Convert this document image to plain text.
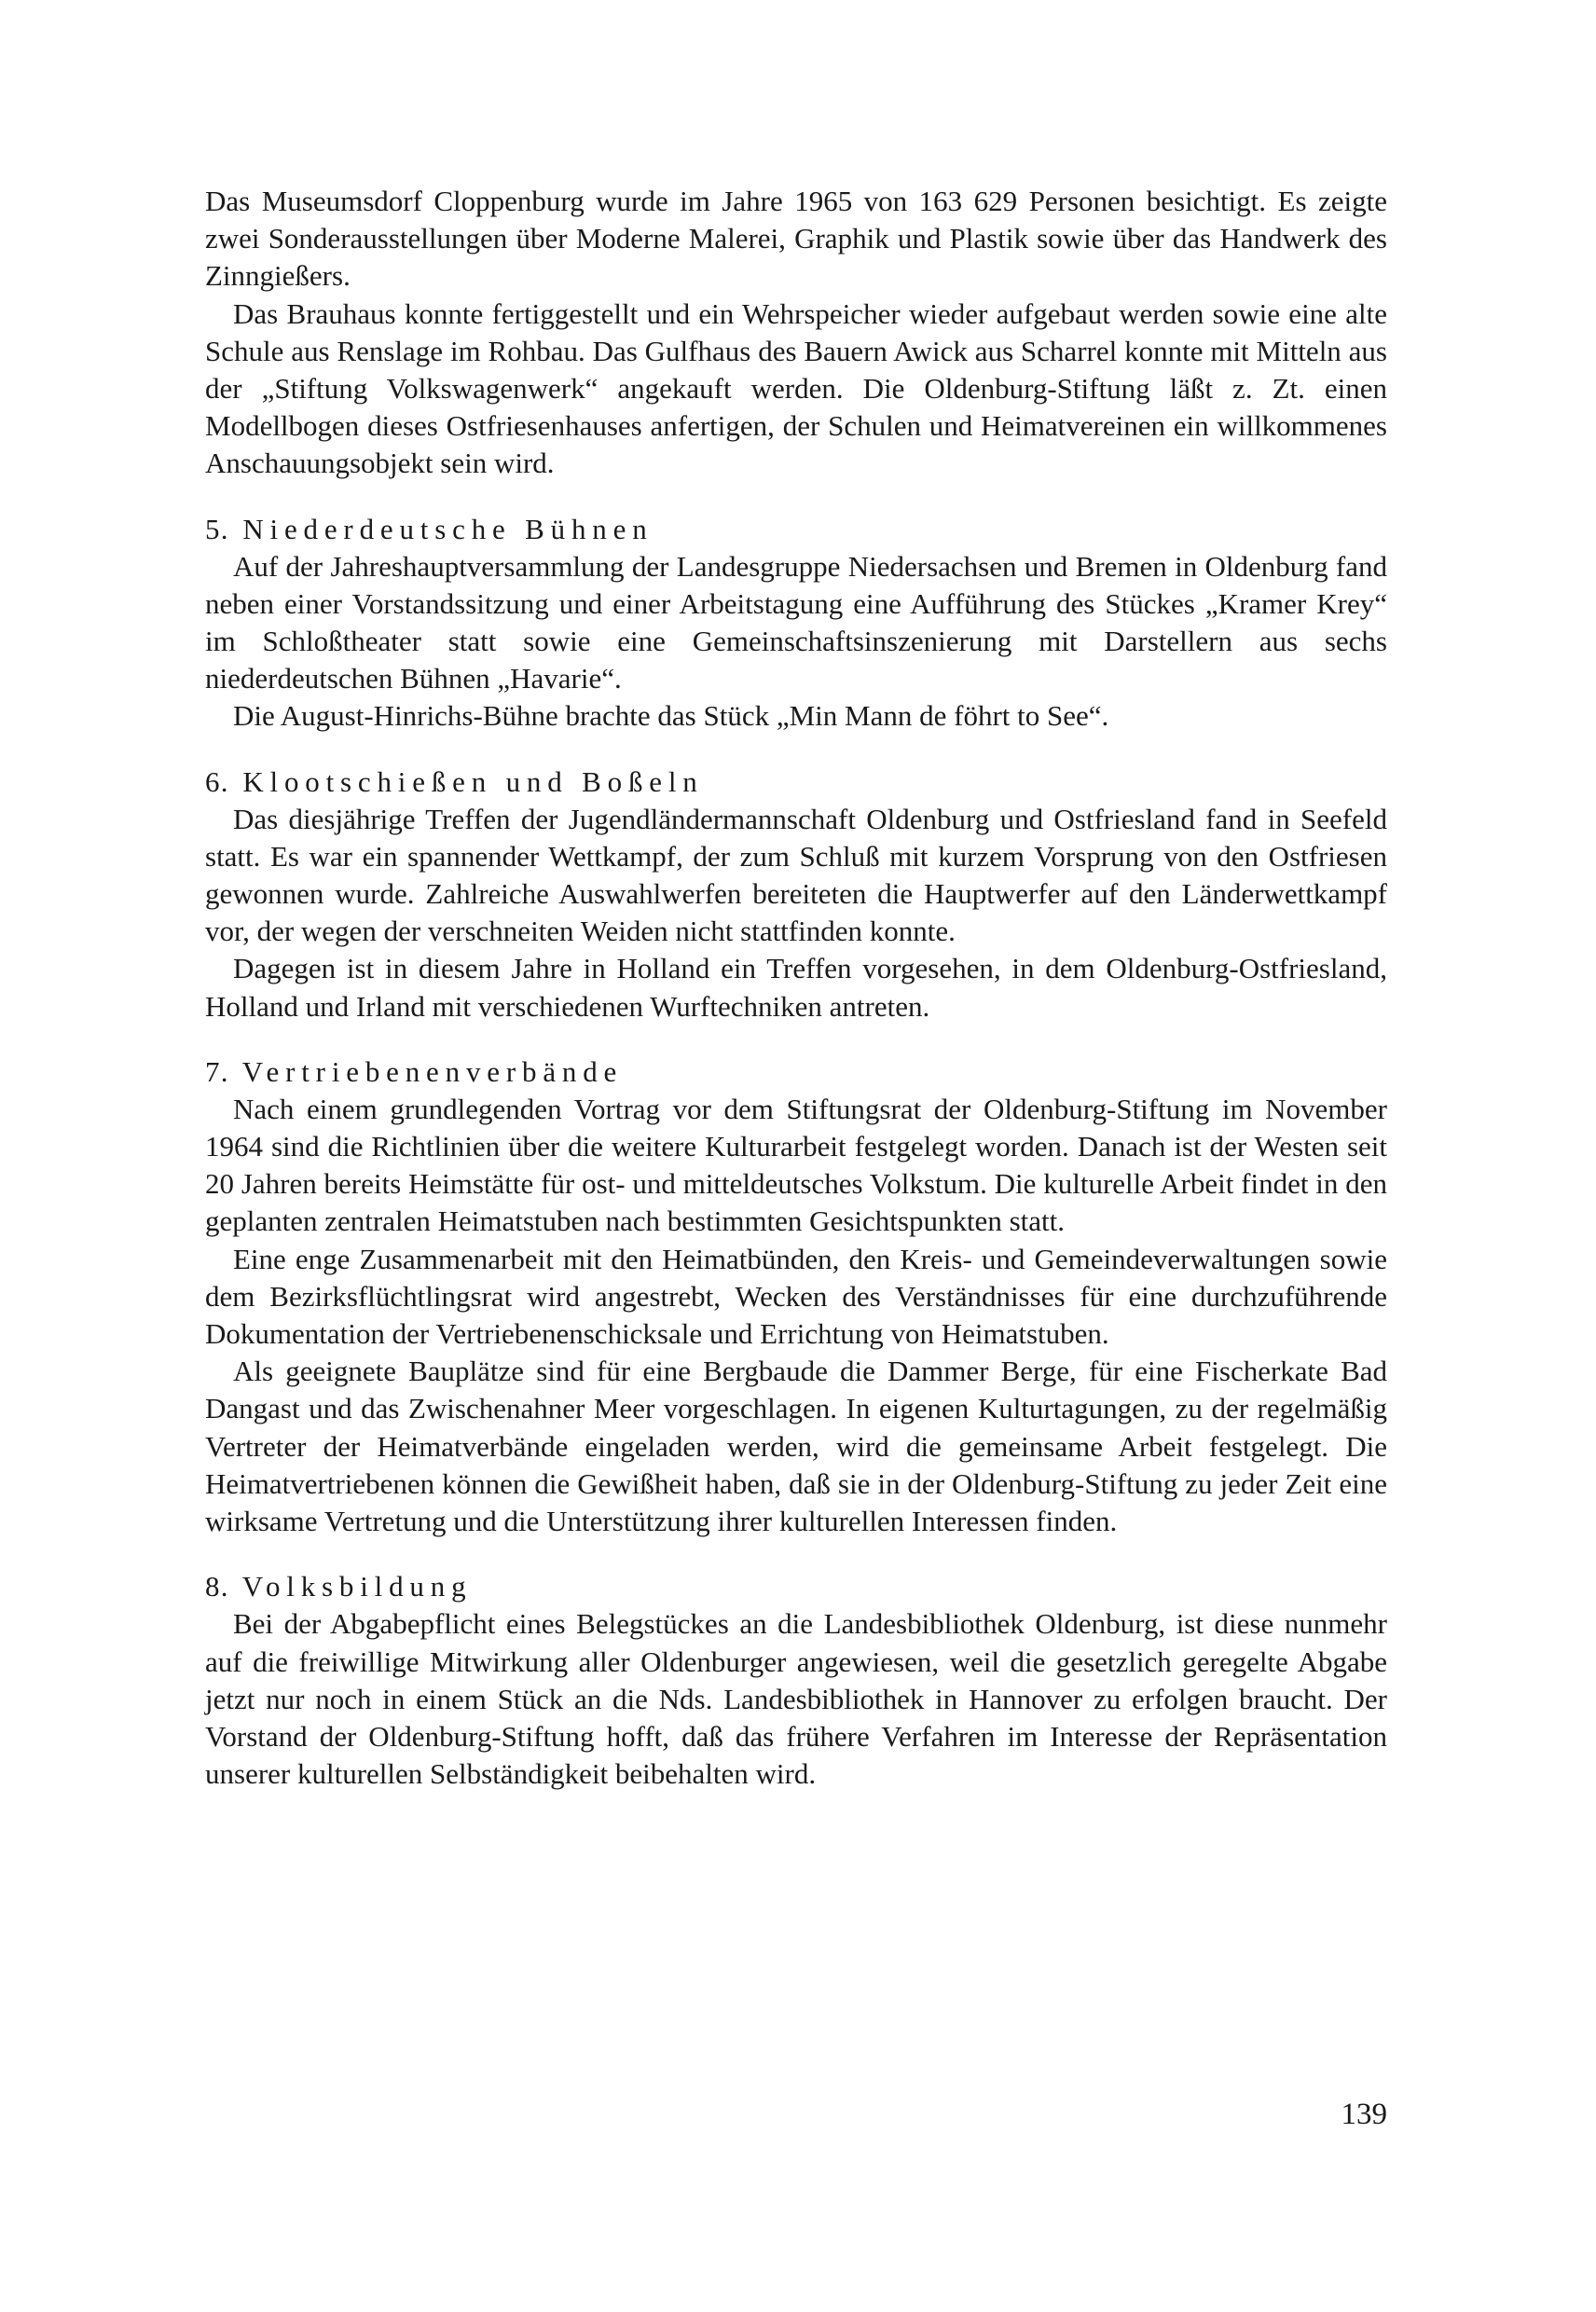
Das Museumsdorf Cloppenburg wurde im Jahre 1965 von 163 629 Personen besichtigt. Es zeigte zwei Sonderausstellungen über Moderne Malerei, Graphik und Plastik sowie über das Handwerk des Zinngießers.

Das Brauhaus konnte fertiggestellt und ein Wehrspeicher wieder aufgebaut werden sowie eine alte Schule aus Renslage im Rohbau. Das Gulfhaus des Bauern Awick aus Scharrel konnte mit Mitteln aus der „Stiftung Volkswagenwerk“ angekauft werden. Die Oldenburg-Stiftung läßt z. Zt. einen Modellbogen dieses Ostfriesenhauses anfertigen, der Schulen und Heimatvereinen ein willkommenes Anschauungsobjekt sein wird.

5. Niederdeutsche Bühnen

Auf der Jahreshauptversammlung der Landesgruppe Niedersachsen und Bremen in Oldenburg fand neben einer Vorstandssitzung und einer Arbeitstagung eine Aufführung des Stückes „Kramer Krey“ im Schloßtheater statt sowie eine Gemeinschaftsinszenierung mit Darstellern aus sechs niederdeutschen Bühnen „Havarie“.

Die August-Hinrichs-Bühne brachte das Stück „Min Mann de föhrt to See“.

6. Klootschießen und Boßeln

Das diesjährige Treffen der Jugendländermannschaft Oldenburg und Ostfriesland fand in Seefeld statt. Es war ein spannender Wettkampf, der zum Schluß mit kurzem Vorsprung von den Ostfriesen gewonnen wurde. Zahlreiche Auswahlwerfen bereiteten die Hauptwerfer auf den Länderwettkampf vor, der wegen der verschneiten Weiden nicht stattfinden konnte.

Dagegen ist in diesem Jahre in Holland ein Treffen vorgesehen, in dem Oldenburg-Ostfriesland, Holland und Irland mit verschiedenen Wurftechniken antreten.

7. Vertriebenenverbände

Nach einem grundlegenden Vortrag vor dem Stiftungsrat der Oldenburg-Stiftung im November 1964 sind die Richtlinien über die weitere Kulturarbeit festgelegt worden. Danach ist der Westen seit 20 Jahren bereits Heimstätte für ost- und mitteldeutsches Volkstum. Die kulturelle Arbeit findet in den geplanten zentralen Heimatstuben nach bestimmten Gesichtspunkten statt.

Eine enge Zusammenarbeit mit den Heimatbünden, den Kreis- und Gemeindeverwaltungen sowie dem Bezirksflüchtlingsrat wird angestrebt, Wecken des Verständnisses für eine durchzuführende Dokumentation der Vertriebenenschicksale und Errichtung von Heimatstuben.

Als geeignete Bauplätze sind für eine Bergbaude die Dammer Berge, für eine Fischerkate Bad Dangast und das Zwischenahner Meer vorgeschlagen. In eigenen Kulturtagungen, zu der regelmäßig Vertreter der Heimatverbände eingeladen werden, wird die gemeinsame Arbeit festgelegt. Die Heimatvertriebenen können die Gewißheit haben, daß sie in der Oldenburg-Stiftung zu jeder Zeit eine wirksame Vertretung und die Unterstützung ihrer kulturellen Interessen finden.

8. Volksbildung

Bei der Abgabepflicht eines Belegstückes an die Landesbibliothek Oldenburg, ist diese nunmehr auf die freiwillige Mitwirkung aller Oldenburger angewiesen, weil die gesetzlich geregelte Abgabe jetzt nur noch in einem Stück an die Nds. Landesbibliothek in Hannover zu erfolgen braucht. Der Vorstand der Oldenburg-Stiftung hofft, daß das frühere Verfahren im Interesse der Repräsentation unserer kulturellen Selbständigkeit beibehalten wird.

139
